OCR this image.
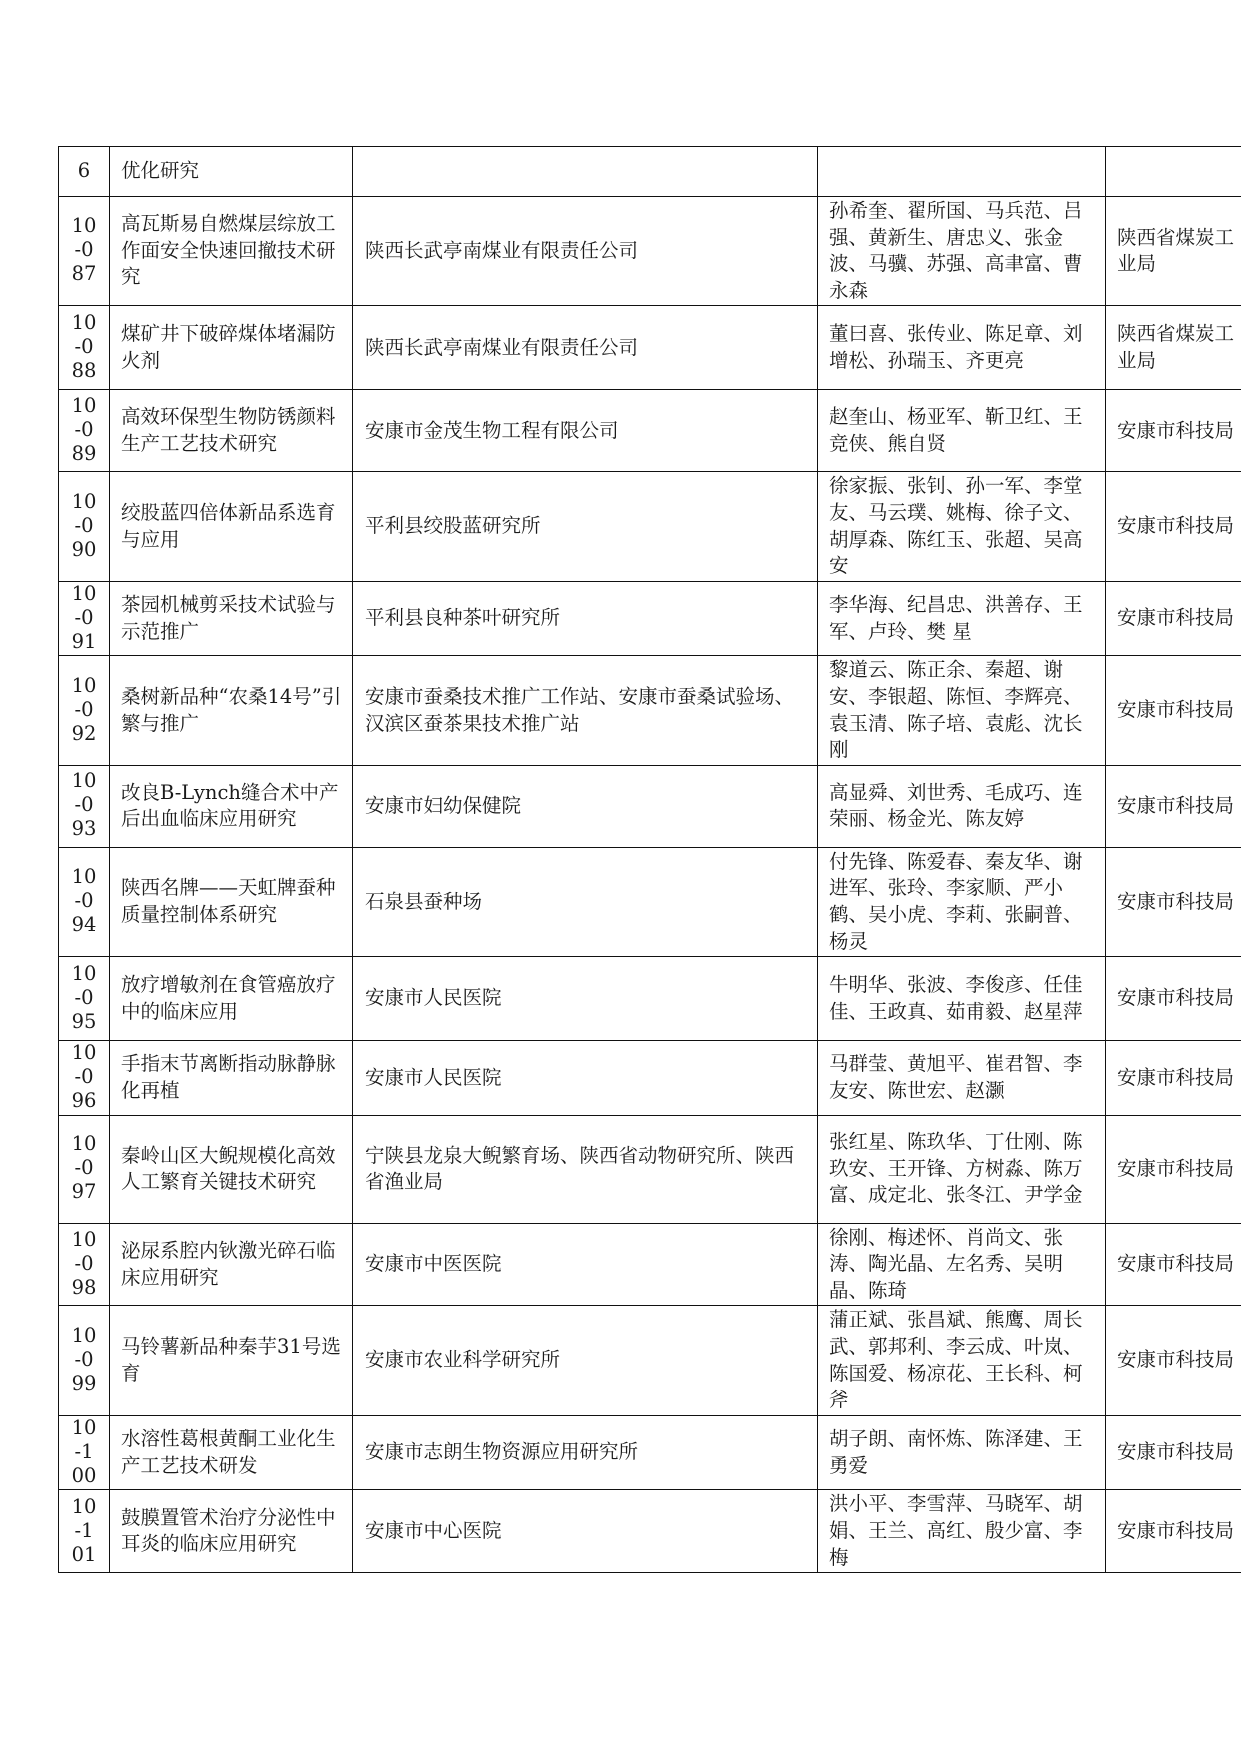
6	优化研究			
10-087	高瓦斯易自燃煤层综放工作面安全快速回撤技术研究	陕西长武亭南煤业有限责任公司	孙希奎、翟所国、马兵范、吕强、黄新生、唐忠义、张金波、马骥、苏强、高聿富、曹永森	陕西省煤炭工业局
10-088	煤矿井下破碎煤体堵漏防火剂	陕西长武亭南煤业有限责任公司	董曰喜、张传业、陈足章、刘增松、孙瑞玉、齐更亮	陕西省煤炭工业局
10-089	高效环保型生物防锈颜料生产工艺技术研究	安康市金茂生物工程有限公司	赵奎山、杨亚军、靳卫红、王竞侠、熊自贤	安康市科技局
10-090	绞股蓝四倍体新品系选育与应用	平利县绞股蓝研究所	徐家振、张钊、孙一军、李堂友、马云璞、姚梅、徐子文、胡厚森、陈红玉、张超、吴高安	安康市科技局
10-091	茶园机械剪采技术试验与示范推广	平利县良种茶叶研究所	李华海、纪昌忠、洪善存、王 军、卢玲、樊 星	安康市科技局
10-092	桑树新品种“农桑14号”引繁与推广	安康市蚕桑技术推广工作站、安康市蚕桑试验场、汉滨区蚕茶果技术推广站	黎道云、陈正余、秦超、谢安、李银超、陈恒、李辉亮、袁玉清、陈子培、袁彪、沈长刚	安康市科技局
10-093	改良B-Lynch缝合术中产后出血临床应用研究	安康市妇幼保健院	高显舜、刘世秀、毛成巧、连荣丽、杨金光、陈友婷	安康市科技局
10-094	陕西名牌——天虹牌蚕种质量控制体系研究	石泉县蚕种场	付先锋、陈爱春、秦友华、谢进军、张玲、李家顺、严小鹤、吴小虎、李莉、张嗣普、杨灵	安康市科技局
10-095	放疗增敏剂在食管癌放疗中的临床应用	安康市人民医院	牛明华、张波、李俊彦、任佳佳、王政真、茹甫毅、赵星萍	安康市科技局
10-096	手指末节离断指动脉静脉化再植	安康市人民医院	马群莹、黄旭平、崔君智、李友安、陈世宏、赵灏	安康市科技局
10-097	秦岭山区大鲵规模化高效人工繁育关键技术研究	宁陕县龙泉大鲵繁育场、陕西省动物研究所、陕西省渔业局	张红星、陈玖华、丁仕刚、陈玖安、王开锋、方树淼、陈万富、成定北、张冬江、尹学金	安康市科技局
10-098	泌尿系腔内钬激光碎石临床应用研究	安康市中医医院	徐刚、梅述怀、肖尚文、张涛、陶光晶、左名秀、吴明晶、陈琦	安康市科技局
10-099	马铃薯新品种秦芋31号选育	安康市农业科学研究所	蒲正斌、张昌斌、熊鹰、周长武、郭邦利、李云成、叶岚、陈国爱、杨凉花、王长科、柯斧	安康市科技局
10-100	水溶性葛根黄酮工业化生产工艺技术研发	安康市志朗生物资源应用研究所	胡子朗、南怀炼、陈泽建、王勇爱	安康市科技局
10-101	鼓膜置管术治疗分泌性中耳炎的临床应用研究	安康市中心医院	洪小平、李雪萍、马晓军、胡娟、王兰、高红、殷少富、李梅	安康市科技局
